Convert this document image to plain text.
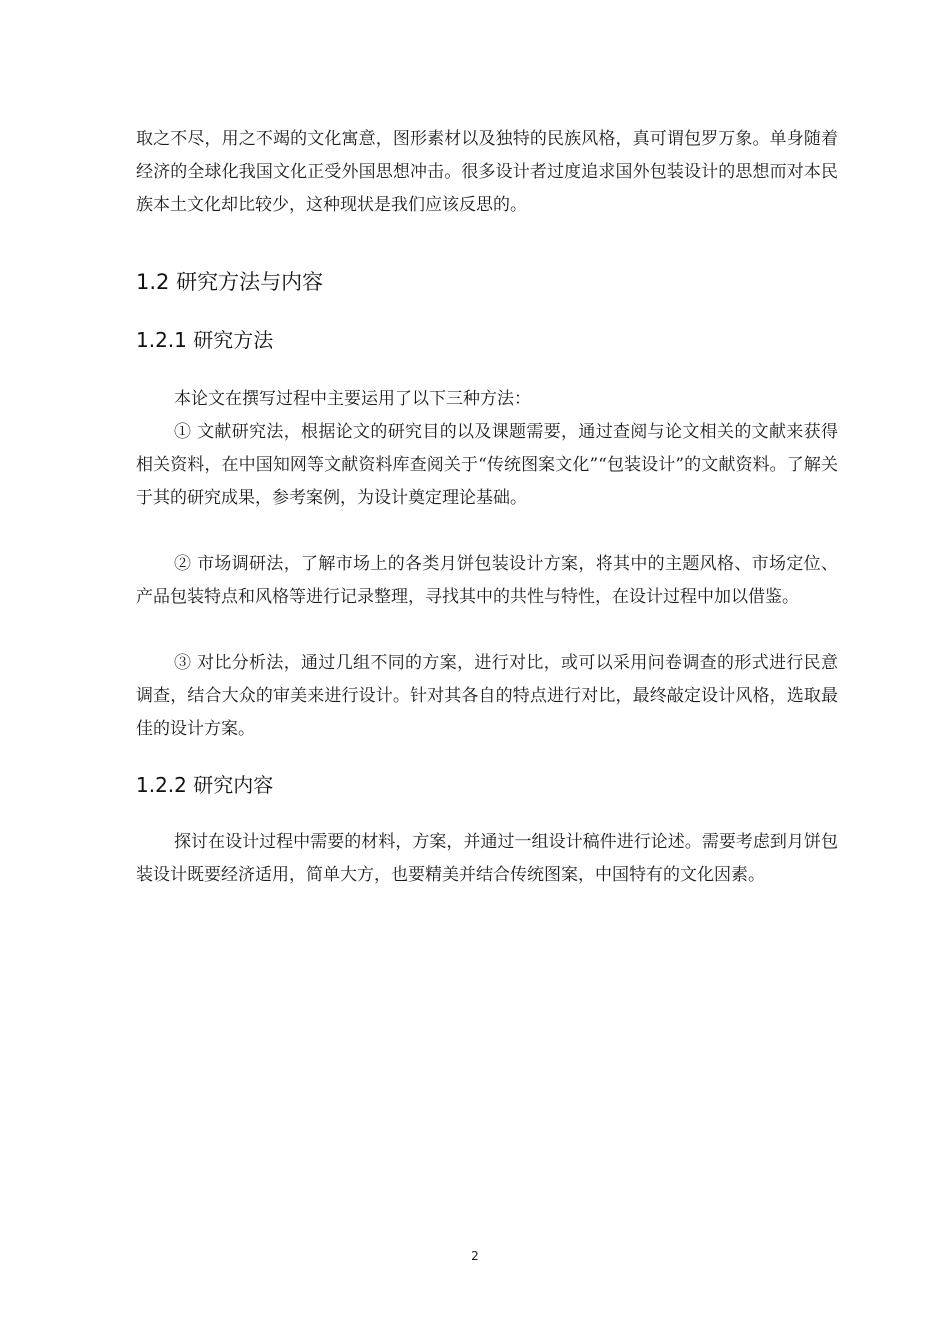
取之不尽，用之不竭的文化寓意，图形素材以及独特的民族风格，真可谓包罗万象。单身随着经济的全球化我国文化正受外国思想冲击。很多设计者过度追求国外包装设计的思想而对本民族本土文化却比较少，这种现状是我们应该反思的。

1.2 研究方法与内容
1.2.1 研究方法

本论文在撰写过程中主要运用了以下三种方法：

① 文献研究法，根据论文的研究目的以及课题需要，通过查阅与论文相关的文献来获得相关资料，在中国知网等文献资料库查阅关于“传统图案文化”“包装设计”的文献资料。了解关于其的研究成果，参考案例，为设计奠定理论基础。

② 市场调研法，了解市场上的各类月饼包装设计方案，将其中的主题风格、市场定位、产品包装特点和风格等进行记录整理，寻找其中的共性与特性，在设计过程中加以借鉴。

③ 对比分析法，通过几组不同的方案，进行对比，或可以采用问卷调查的形式进行民意调查，结合大众的审美来进行设计。针对其各自的特点进行对比，最终敲定设计风格，选取最佳的设计方案。

1.2.2 研究内容

探讨在设计过程中需要的材料，方案，并通过一组设计稿件进行论述。需要考虑到月饼包装设计既要经济适用，简单大方，也要精美并结合传统图案，中国特有的文化因素。

2
